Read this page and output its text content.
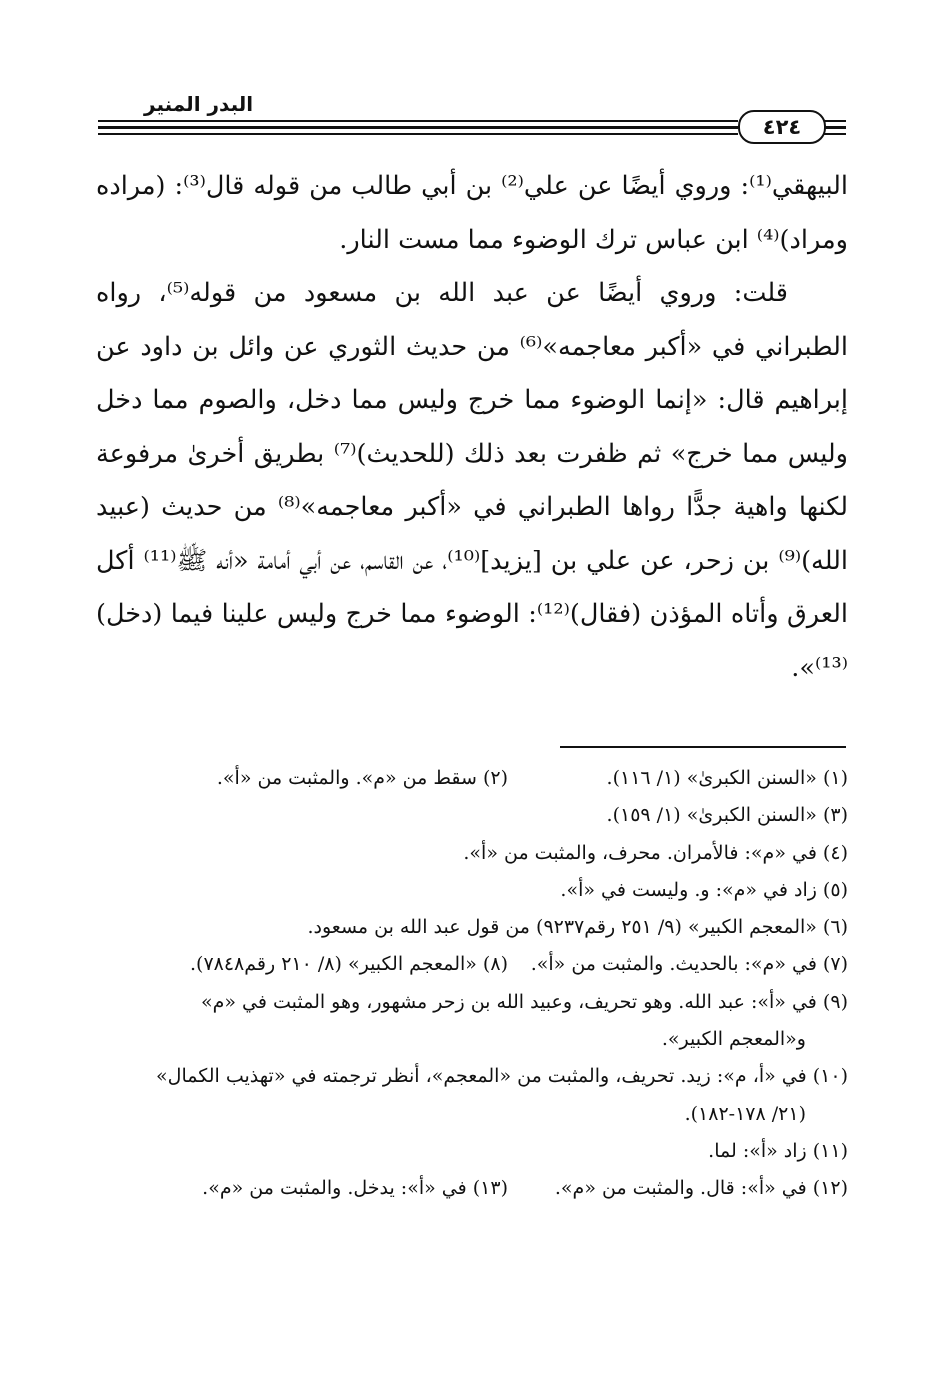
البدر المنير
٤٢٤

البيهقي⁽¹⁾: وروي أيضًا عن علي⁽²⁾ بن أبي طالب من قوله قال⁽³⁾: (مراده ومراد)⁽⁴⁾ ابن عباس ترك الوضوء مما مست النار.

قلت: وروي أيضًا عن عبد الله بن مسعود من قوله⁽⁵⁾، رواه الطبراني في «أكبر معاجمه»⁽⁶⁾ من حديث الثوري عن وائل بن داود عن إبراهيم قال: «إنما الوضوء مما خرج وليس مما دخل، والصوم مما دخل وليس مما خرج» ثم ظفرت بعد ذلك (للحديث)⁽⁷⁾ بطريق أخرىٰ مرفوعة لكنها واهية جدًّا رواها الطبراني في «أكبر معاجمه»⁽⁸⁾ من حديث (عبيد الله)⁽⁹⁾ بن زحر، عن علي بن [يزيد]⁽¹⁰⁾، عن القاسم، عن أبي أمامة «أنه ﷺ⁽¹¹⁾ أكل العرق وأتاه المؤذن (فقال)⁽¹²⁾: الوضوء مما خرج وليس علينا فيما (دخل)⁽¹³⁾».

(١) «السنن الكبرىٰ» (١/ ١١٦).
(٢) سقط من «م». والمثبت من «أ».
(٣) «السنن الكبرىٰ» (١/ ١٥٩).
(٤) في «م»: فالأمران. محرف، والمثبت من «أ».
(٥) زاد في «م»: و. وليست في «أ».
(٦) «المعجم الكبير» (٩/ ٢٥١ رقم٩٢٣٧) من قول عبد الله بن مسعود.
(٧) في «م»: بالحديث. والمثبت من «أ».
(٨) «المعجم الكبير» (٨/ ٢١٠ رقم٧٨٤٨).
(٩) في «أ»: عبد الله. وهو تحريف، وعبيد الله بن زحر مشهور، وهو المثبت في «م»
و«المعجم الكبير».
(١٠) في «أ، م»: زيد. تحريف، والمثبت من «المعجم»، أنظر ترجمته في «تهذيب الكمال»
(٢١/ ١٧٨-١٨٢).
(١١) زاد «أ»: لما.
(١٢) في «أ»: قال. والمثبت من «م».
(١٣) في «أ»: يدخل. والمثبت من «م».
